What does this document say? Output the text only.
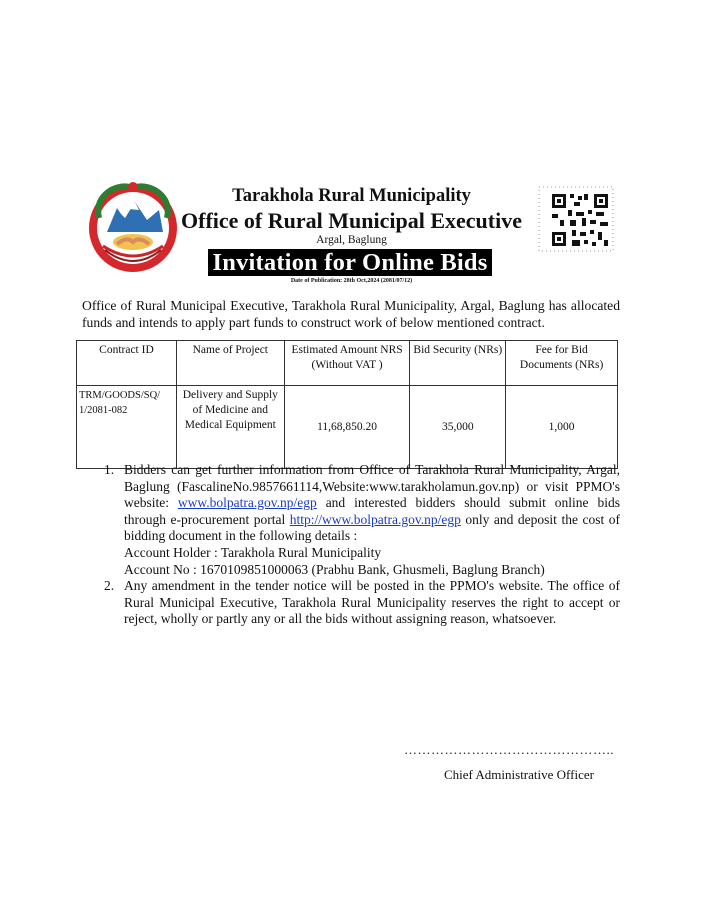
Tarakhola Rural Municipality
Office of Rural Municipal Executive
Argal, Baglung
Invitation for Online Bids
Date of Publication: 28th Oct,2024 (2081/07/12)
Office of Rural Municipal Executive, Tarakhola Rural Municipality, Argal, Baglung has allocated funds and intends to apply part funds to construct work of below mentioned contract.
Contract ID	Name of Project	Estimated Amount NRS (Without VAT )	Bid Security (NRs)	Fee for Bid Documents (NRs)
TRM/GOODS/SQ/ 1/2081-082	Delivery and Supply of Medicine and Medical Equipment	11,68,850.20	35,000	1,000
1. Bidders can get further information from Office of Tarakhola Rural Municipality, Argal, Baglung (FascalineNo.9857661114,Website:www.tarakholamun.gov.np) or visit PPMO's website: www.bolpatra.gov.np/egp and interested bidders should submit online bids through e-procurement portal http://www.bolpatra.gov.np/egp only and deposit the cost of bidding document in the following details :
Account Holder : Tarakhola Rural Municipality
Account No : 1670109851000063 (Prabhu Bank, Ghusmeli, Baglung Branch)
2. Any amendment in the tender notice will be posted in the PPMO's website. The office of Rural Municipal Executive, Tarakhola Rural Municipality reserves the right to accept or reject, wholly or partly any or all the bids without assigning reason, whatsoever.
………………………………………..
Chief Administrative Officer
